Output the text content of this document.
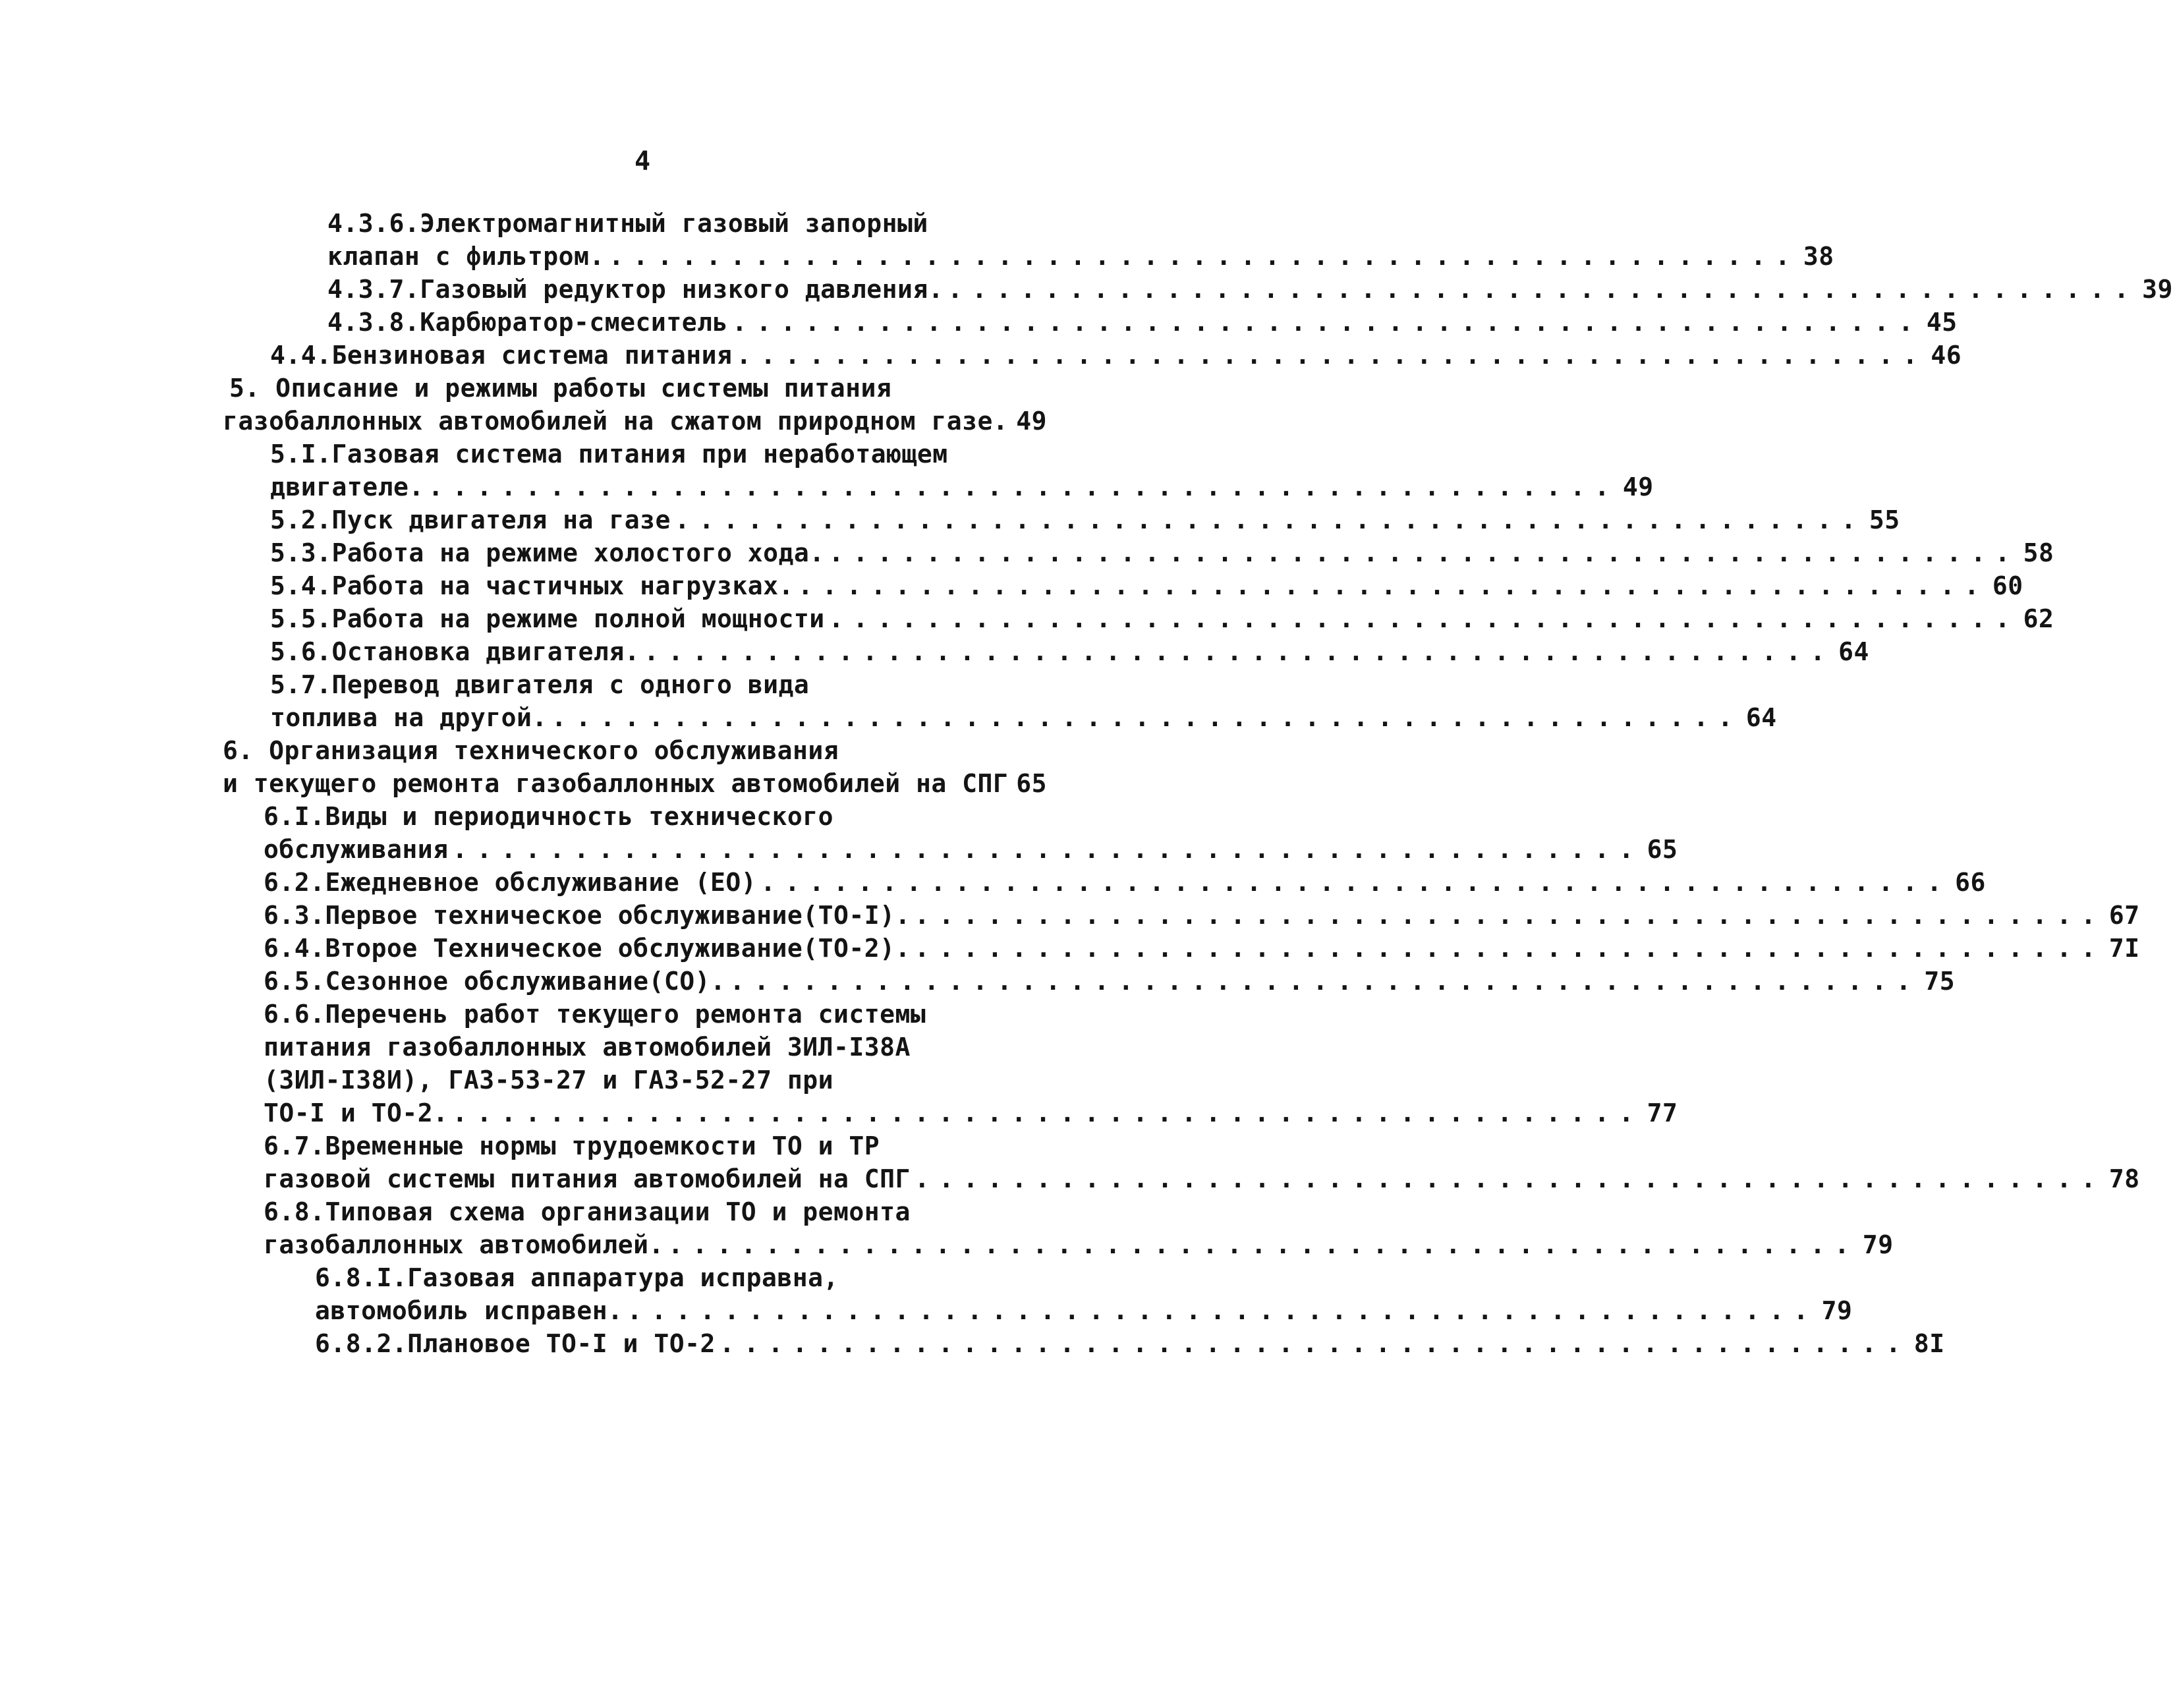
4
4.3.6.Электромагнитный газовый запорный
клапан с фильтром. ................................................. 38
4.3.7.Газовый редуктор низкого давления. ................................................. 39
4.3.8.Карбюратор-смеситель ................................................. 45
4.4.Бензиновая система питания ................................................. 46
5. Описание и режимы работы системы питания
газобаллонных автомобилей на сжатом природном газе. 49
5.I.Газовая система питания при неработающем
двигателе. ................................................. 49
5.2.Пуск двигателя на газе ................................................. 55
5.3.Работа на режиме холостого хода. ................................................. 58
5.4.Работа на частичных нагрузках. ................................................. 60
5.5.Работа на режиме полной мощности ................................................. 62
5.6.Остановка двигателя. ................................................. 64
5.7.Перевод двигателя с одного вида
топлива на другой. ................................................. 64
6. Организация технического обслуживания
и текущего ремонта газобаллонных автомобилей на СПГ 65
6.I.Виды и периодичность технического
обслуживания ................................................. 65
6.2.Ежедневное обслуживание (ЕО) ................................................. 66
6.3.Первое техническое обслуживание(ТО-I). ................................................. 67
6.4.Второе Техническое обслуживание(ТО-2). ................................................. 7I
6.5.Сезонное обслуживание(СО). ................................................. 75
6.6.Перечень работ текущего ремонта системы
питания газобаллонных автомобилей ЗИЛ-I38А
(ЗИЛ-I38И), ГАЗ-53-27 и ГАЗ-52-27 при
ТО-I и ТО-2. ................................................. 77
6.7.Временные нормы трудоемкости ТО и ТР
газовой системы питания автомобилей на СПГ ................................................. 78
6.8.Типовая схема организации ТО и ремонта
газобаллонных автомобилей. ................................................. 79
6.8.I.Газовая аппаратура исправна,
автомобиль исправен. ................................................. 79
6.8.2.Плановое ТО-I и ТО-2 ................................................. 8I
